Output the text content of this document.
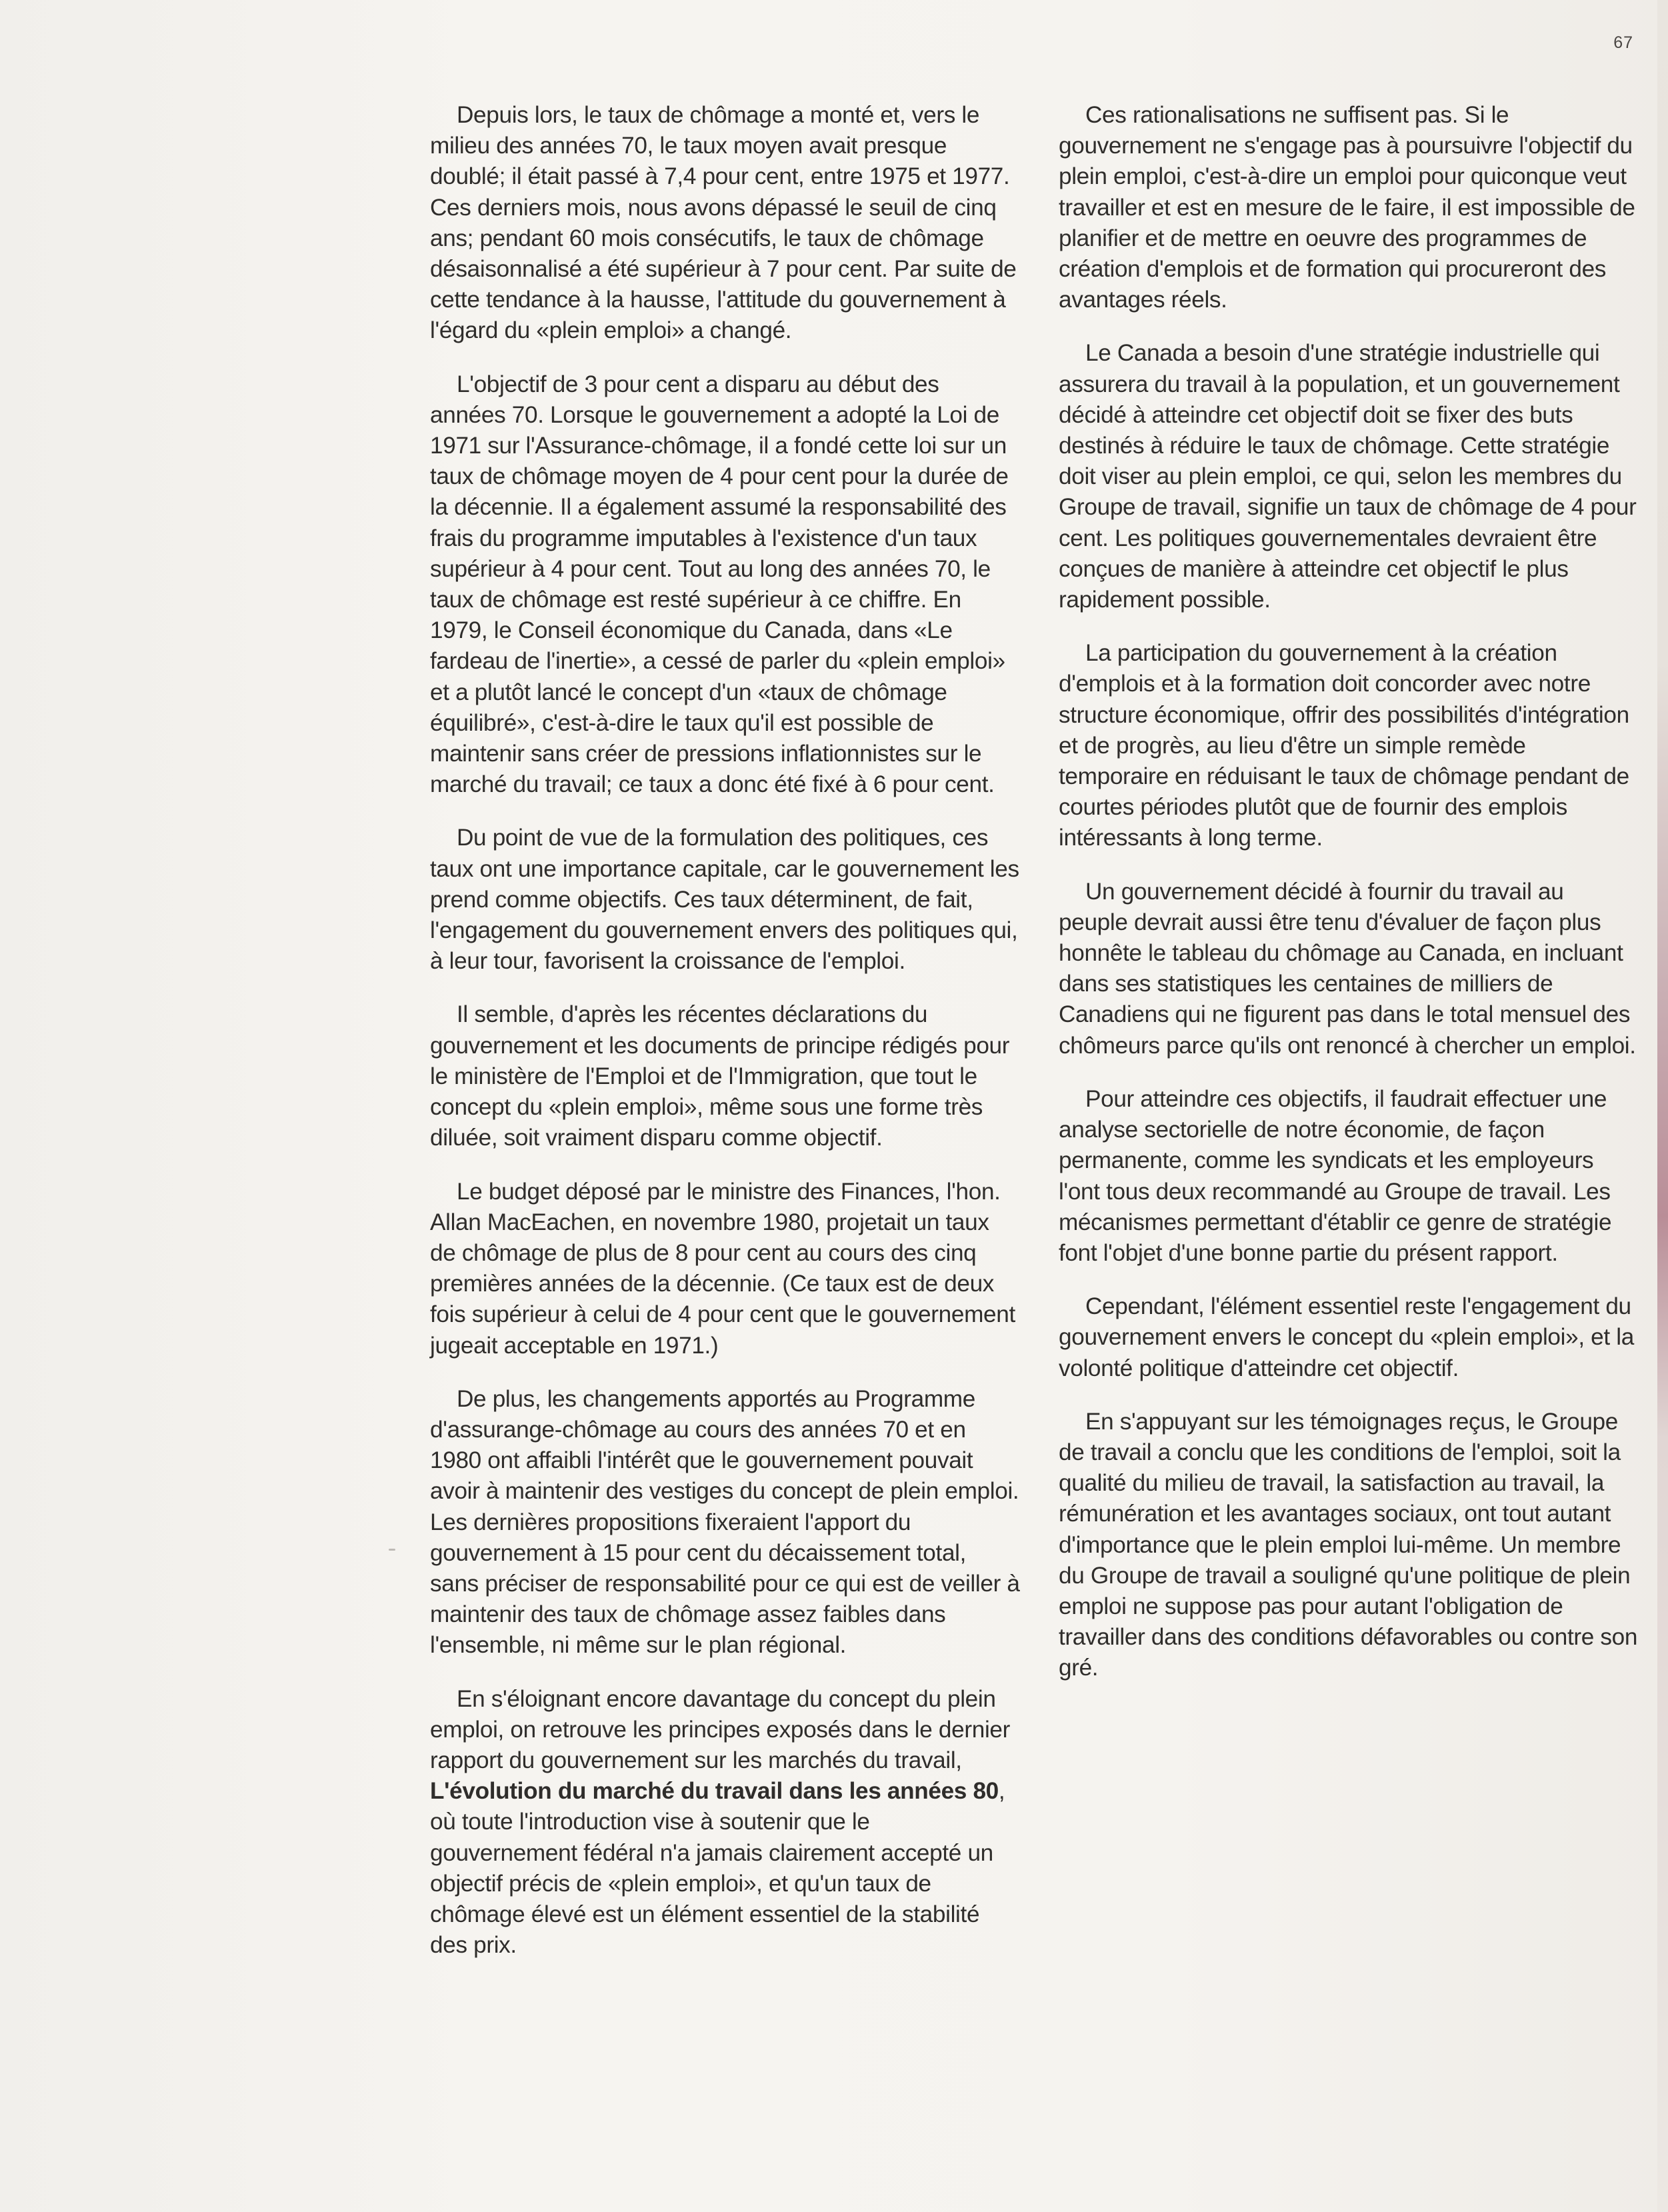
67

Depuis lors, le taux de chômage a monté et, vers le milieu des années 70, le taux moyen avait presque doublé; il était passé à 7,4 pour cent, entre 1975 et 1977. Ces derniers mois, nous avons dépassé le seuil de cinq ans; pendant 60 mois consécutifs, le taux de chômage désaisonnalisé a été supérieur à 7 pour cent. Par suite de cette tendance à la hausse, l'attitude du gouvernement à l'égard du «plein emploi» a changé.

L'objectif de 3 pour cent a disparu au début des années 70. Lorsque le gouvernement a adopté la Loi de 1971 sur l'Assurance-chômage, il a fondé cette loi sur un taux de chômage moyen de 4 pour cent pour la durée de la décennie. Il a également assumé la responsabilité des frais du programme imputables à l'existence d'un taux supérieur à 4 pour cent. Tout au long des années 70, le taux de chômage est resté supérieur à ce chiffre. En 1979, le Conseil économique du Canada, dans «Le fardeau de l'inertie», a cessé de parler du «plein emploi» et a plutôt lancé le concept d'un «taux de chômage équilibré», c'est-à-dire le taux qu'il est possible de maintenir sans créer de pressions inflationnistes sur le marché du travail; ce taux a donc été fixé à 6 pour cent.

Du point de vue de la formulation des politiques, ces taux ont une importance capitale, car le gouvernement les prend comme objectifs. Ces taux déterminent, de fait, l'engagement du gouvernement envers des politiques qui, à leur tour, favorisent la croissance de l'emploi.

Il semble, d'après les récentes déclarations du gouvernement et les documents de principe rédigés pour le ministère de l'Emploi et de l'Immigration, que tout le concept du «plein emploi», même sous une forme très diluée, soit vraiment disparu comme objectif.

Le budget déposé par le ministre des Finances, l'hon. Allan MacEachen, en novembre 1980, projetait un taux de chômage de plus de 8 pour cent au cours des cinq premières années de la décennie. (Ce taux est de deux fois supérieur à celui de 4 pour cent que le gouvernement jugeait acceptable en 1971.)

De plus, les changements apportés au Programme d'assurange-chômage au cours des années 70 et en 1980 ont affaibli l'intérêt que le gouvernement pouvait avoir à maintenir des vestiges du concept de plein emploi. Les dernières propositions fixeraient l'apport du gouvernement à 15 pour cent du décaissement total, sans préciser de responsabilité pour ce qui est de veiller à maintenir des taux de chômage assez faibles dans l'ensemble, ni même sur le plan régional.

En s'éloignant encore davantage du concept du plein emploi, on retrouve les principes exposés dans le dernier rapport du gouvernement sur les marchés du travail, L'évolution du marché du travail dans les années 80, où toute l'introduction vise à soutenir que le gouvernement fédéral n'a jamais clairement accepté un objectif précis de «plein emploi», et qu'un taux de chômage élevé est un élément essentiel de la stabilité des prix.

Ces rationalisations ne suffisent pas. Si le gouvernement ne s'engage pas à poursuivre l'objectif du plein emploi, c'est-à-dire un emploi pour quiconque veut travailler et est en mesure de le faire, il est impossible de planifier et de mettre en oeuvre des programmes de création d'emplois et de formation qui procureront des avantages réels.

Le Canada a besoin d'une stratégie industrielle qui assurera du travail à la population, et un gouvernement décidé à atteindre cet objectif doit se fixer des buts destinés à réduire le taux de chômage. Cette stratégie doit viser au plein emploi, ce qui, selon les membres du Groupe de travail, signifie un taux de chômage de 4 pour cent. Les politiques gouvernementales devraient être conçues de manière à atteindre cet objectif le plus rapidement possible.

La participation du gouvernement à la création d'emplois et à la formation doit concorder avec notre structure économique, offrir des possibilités d'intégration et de progrès, au lieu d'être un simple remède temporaire en réduisant le taux de chômage pendant de courtes périodes plutôt que de fournir des emplois intéressants à long terme.

Un gouvernement décidé à fournir du travail au peuple devrait aussi être tenu d'évaluer de façon plus honnête le tableau du chômage au Canada, en incluant dans ses statistiques les centaines de milliers de Canadiens qui ne figurent pas dans le total mensuel des chômeurs parce qu'ils ont renoncé à chercher un emploi.

Pour atteindre ces objectifs, il faudrait effectuer une analyse sectorielle de notre économie, de façon permanente, comme les syndicats et les employeurs l'ont tous deux recommandé au Groupe de travail. Les mécanismes permettant d'établir ce genre de stratégie font l'objet d'une bonne partie du présent rapport.

Cependant, l'élément essentiel reste l'engagement du gouvernement envers le concept du «plein emploi», et la volonté politique d'atteindre cet objectif.

En s'appuyant sur les témoignages reçus, le Groupe de travail a conclu que les conditions de l'emploi, soit la qualité du milieu de travail, la satisfaction au travail, la rémunération et les avantages sociaux, ont tout autant d'importance que le plein emploi lui-même. Un membre du Groupe de travail a souligné qu'une politique de plein emploi ne suppose pas pour autant l'obligation de travailler dans des conditions défavorables ou contre son gré.
